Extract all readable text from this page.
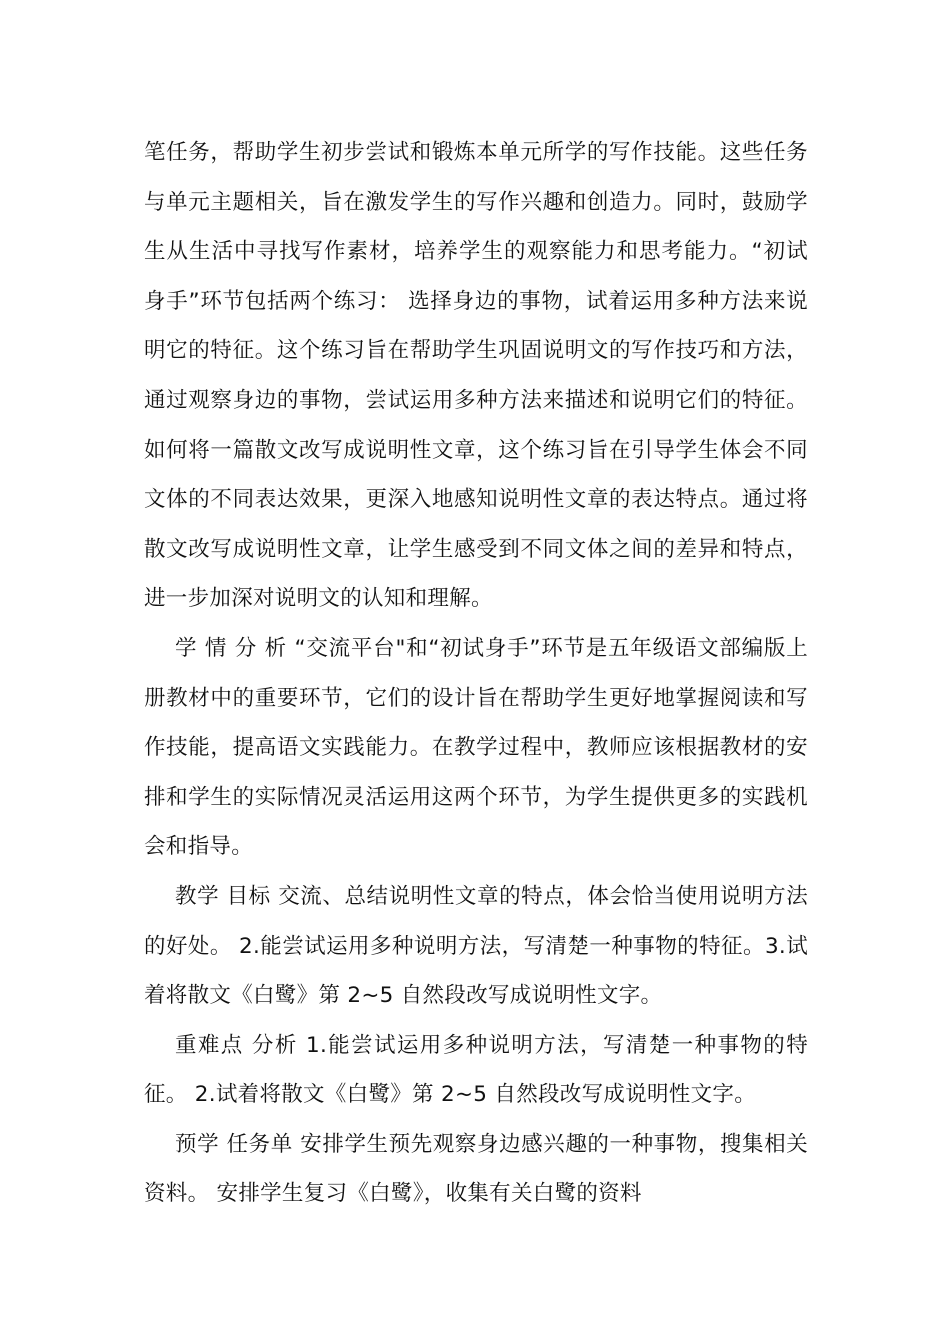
笔任务，帮助学生初步尝试和锻炼本单元所学的写作技能。这些任务与单元主题相关，旨在激发学生的写作兴趣和创造力。同时，鼓励学生从生活中寻找写作素材，培养学生的观察能力和思考能力。“初试身手”环节包括两个练习： 选择身边的事物，试着运用多种方法来说明它的特征。这个练习旨在帮助学生巩固说明文的写作技巧和方法，通过观察身边的事物，尝试运用多种方法来描述和说明它们的特征。 如何将一篇散文改写成说明性文章，这个练习旨在引导学生体会不同文体的不同表达效果，更深入地感知说明性文章的表达特点。通过将散文改写成说明性文章，让学生感受到不同文体之间的差异和特点，进一步加深对说明文的认知和理解。

学 情 分 析 “交流平台"和“初试身手”环节是五年级语文部编版上册教材中的重要环节，它们的设计旨在帮助学生更好地掌握阅读和写作技能，提高语文实践能力。在教学过程中，教师应该根据教材的安排和学生的实际情况灵活运用这两个环节，为学生提供更多的实践机会和指导。

教学 目标 交流、总结说明性文章的特点，体会恰当使用说明方法的好处。 2.能尝试运用多种说明方法，写清楚一种事物的特征。3.试着将散文《白鹭》第 2~5 自然段改写成说明性文字。

重难点 分析 1.能尝试运用多种说明方法，写清楚一种事物的特征。 2.试着将散文《白鹭》第 2~5 自然段改写成说明性文字。

预学 任务单 安排学生预先观察身边感兴趣的一种事物，搜集相关资料。 安排学生复习《白鹭》，收集有关白鹭的资料
